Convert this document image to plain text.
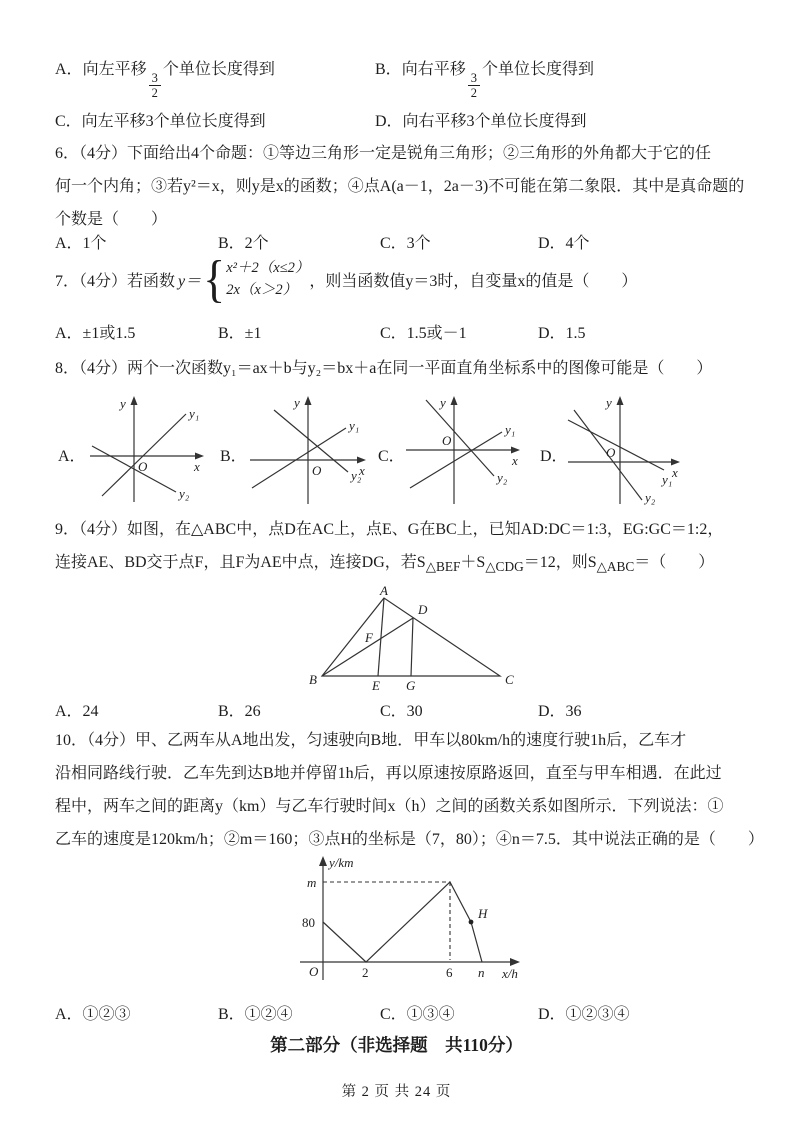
A．向左平移
$\frac{3}{2}$
个单位长度得到	B．向右平移
$\frac{3}{2}$
个单位长度得到
C．向左平移3个单位长度得到	D．向右平移3个单位长度得到
6．（4分）下面给出4个命题：①等边三角形一定是锐角三角形；②三角形的外角都大于它的任
何一个内角；③若y²＝x，则y是x的函数；④点A(a－1，2a－3)不可能在第二象限．其中是真命题的
个数是（　　）
A．1个	B．2个	C．3个	D．4个
7．（4分）若函数 y＝ { x²＋2（x≤2）
2x（x＞2）
，则当函数值y＝3时，自变量x的值是（　　）
A．±1或1.5	B．±1	C．1.5或－1	D．1.5
8．（4分）两个一次函数y₁＝ax＋b与y₂＝bx＋a在同一平面直角坐标系中的图像可能是（　　）
A．
y
x
O
y₁
y₂
B．
y
x
O
y₁
y₂
C．
y
x
O
y₁
y₂
D．
y
x
O
y₁
y₂
9．（4分）如图，在△ABC中，点D在AC上，点E、G在BC上，已知AD:DC＝1:3，EG:GC＝1:2，
连接AE、BD交于点F，且F为AE中点，连接DG，若$S_{\triangle BEF}+S_{\triangle CDG}=12$，则$S_{\triangle ABC}=$（　　）
A
B	C
D
E G
F
A．24	B．26	C．30	D．36
10．（4分）甲、乙两车从A地出发，匀速驶向B地．甲车以80km/h的速度行驶1h后，乙车才
沿相同路线行驶．乙车先到达B地并停留1h后，再以原速按原路返回，直至与甲车相遇．在此过
程中，两车之间的距离y（km）与乙车行驶时间x（h）之间的函数关系如图所示．下列说法：①
乙车的速度是120km/h；②m＝160；③点H的坐标是（7，80）；④n＝7.5．其中说法正确的是（　　）
y/km
x/h
m
80
O	2	6 n
H
A．①②③	B．①②④	C．①③④	D．①②③④
第二部分（非选择题　共110分）
第 2 页 共 24 页
